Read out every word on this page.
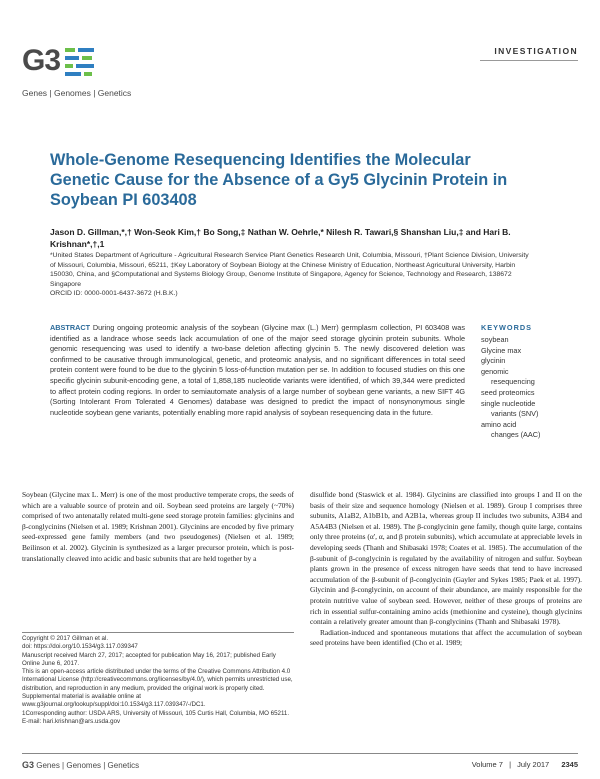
G3
Genes | Genomes | Genetics
INVESTIGATION
Whole-Genome Resequencing Identifies the Molecular Genetic Cause for the Absence of a Gy5 Glycinin Protein in Soybean PI 603408
Jason D. Gillman,*,† Won-Seok Kim,† Bo Song,‡ Nathan W. Oehrle,* Nilesh R. Tawari,§ Shanshan Liu,‡ and Hari B. Krishnan*,†,1
*United States Department of Agriculture - Agricultural Research Service Plant Genetics Research Unit, Columbia, Missouri, †Plant Science Division, University of Missouri, Columbia, Missouri, 65211, ‡Key Laboratory of Soybean Biology at the Chinese Ministry of Education, Northeast Agricultural University, Harbin 150030, China, and §Computational and Systems Biology Group, Genome Institute of Singapore, Agency for Science, Technology and Research, 138672 Singapore
ORCID ID: 0000-0001-6437-3672 (H.B.K.)
ABSTRACT During ongoing proteomic analysis of the soybean (Glycine max (L.) Merr) germplasm collection, PI 603408 was identified as a landrace whose seeds lack accumulation of one of the major seed storage glycinin protein subunits. Whole genomic resequencing was used to identify a two-base deletion affecting glycinin 5. The newly discovered deletion was confirmed to be causative through immunological, genetic, and proteomic analysis, and no significant differences in total seed protein content were found to be due to the glycinin 5 loss-of-function mutation per se. In addition to focused studies on this one specific glycinin subunit-encoding gene, a total of 1,858,185 nucleotide variants were identified, of which 39,344 were predicted to affect protein coding regions. In order to semiautomate analysis of a large number of soybean gene variants, a new SIFT 4G (Sorting Intolerant From Tolerated 4 Genomes) database was designed to predict the impact of nonsynonymous single nucleotide soybean gene variants, potentially enabling more rapid analysis of soybean resequencing data in the future.
KEYWORDS
soybean
Glycine max
glycinin
genomic
resequencing
seed proteomics
single nucleotide
variants (SNV)
amino acid
changes (AAC)

Soybean (Glycine max L. Merr) is one of the most productive temperate crops, the seeds of which are a valuable source of protein and oil. Soybean seed proteins are largely (~70%) comprised of two antenatally related multi-gene seed storage protein families: glycinins and β-conglycinins (Nielsen et al. 1989; Krishnan 2001). Glycinins are encoded by five primary seed-expressed gene family members (and two pseudogenes) (Nielsen et al. 1989; Beilinson et al. 2002). Glycinin is synthesized as a larger precursor protein, which is post-translationally cleaved into acidic and basic subunits that are held together by a

disulfide bond (Staswick et al. 1984). Glycinins are classified into groups I and II on the basis of their size and sequence homology (Nielsen et al. 1989). Group I comprises three subunits, A1aB2, A1bB1b, and A2B1a, whereas group II includes two subunits, A3B4 and A5A4B3 (Nielsen et al. 1989). The β-conglycinin gene family, though quite large, contains only three proteins (α', α, and β protein subunits), which accumulate at appreciable levels in developing seeds (Thanh and Shibasaki 1978; Coates et al. 1985). The accumulation of the β-subunit of β-conglycinin is regulated by the availability of nitrogen and sulfur. Soybean plants grown in the presence of excess nitrogen have seeds that tend to have increased accumulation of the β-subunit of β-conglycinin (Gayler and Sykes 1985; Paek et al. 1997). Glycinin and β-conglycinin, on account of their abundance, are mainly responsible for the protein nutritive value of soybean seed. However, neither of these groups of proteins are rich in essential sulfur-containing amino acids (methionine and cysteine), though glycinins contain a relatively greater amount than β-conglycinins (Thanh and Shibasaki 1978).

Radiation-induced and spontaneous mutations that affect the accumulation of soybean seed proteins have been identified (Cho et al. 1989;

Copyright © 2017 Gillman et al.
doi: https://doi.org/10.1534/g3.117.039347
Manuscript received March 27, 2017; accepted for publication May 16, 2017; published Early Online June 6, 2017.
This is an open-access article distributed under the terms of the Creative Commons Attribution 4.0 International License (http://creativecommons.org/licenses/by/4.0/), which permits unrestricted use, distribution, and reproduction in any medium, provided the original work is properly cited.
Supplemental material is available online at www.g3journal.org/lookup/suppl/doi:10.1534/g3.117.039347/-/DC1.
1Corresponding author: USDA ARS, University of Missouri, 105 Curtis Hall, Columbia, MO 65211. E-mail: hari.krishnan@ars.usda.gov
G3 Genes | Genomes | Genetics	Volume 7 | July 2017 2345
